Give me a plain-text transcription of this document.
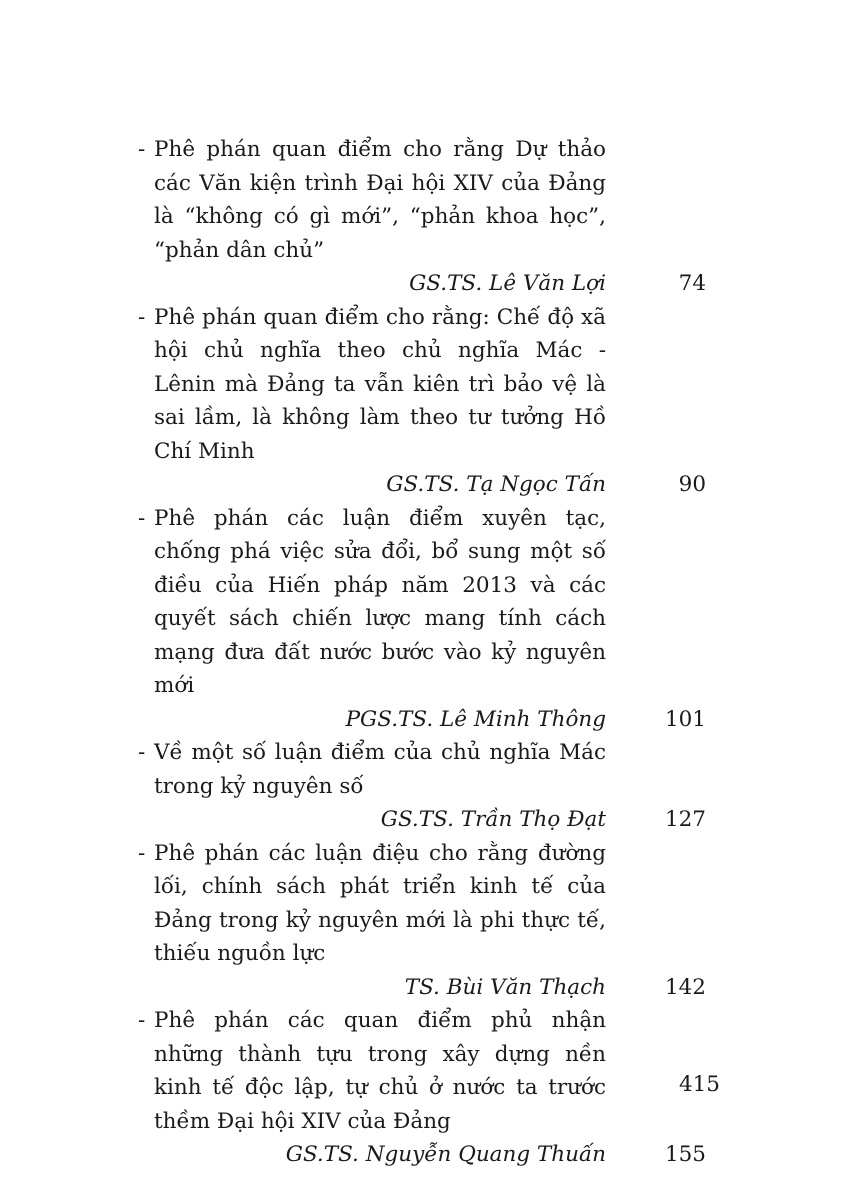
- Phê phán quan điểm cho rằng Dự thảo các Văn kiện trình Đại hội XIV của Đảng là “không có gì mới”, “phản khoa học”, “phản dân chủ”
GS.TS. Lê Văn Lợi	74
- Phê phán quan điểm cho rằng: Chế độ xã hội chủ nghĩa theo chủ nghĩa Mác - Lênin mà Đảng ta vẫn kiên trì bảo vệ là sai lầm, là không làm theo tư tưởng Hồ Chí Minh
GS.TS. Tạ Ngọc Tấn	90
- Phê phán các luận điểm xuyên tạc, chống phá việc sửa đổi, bổ sung một số điều của Hiến pháp năm 2013 và các quyết sách chiến lược mang tính cách mạng đưa đất nước bước vào kỷ nguyên mới
PGS.TS. Lê Minh Thông	101
- Về một số luận điểm của chủ nghĩa Mác trong kỷ nguyên số
GS.TS. Trần Thọ Đạt	127
- Phê phán các luận điệu cho rằng đường lối, chính sách phát triển kinh tế của Đảng trong kỷ nguyên mới là phi thực tế, thiếu nguồn lực
TS. Bùi Văn Thạch	142
- Phê phán các quan điểm phủ nhận những thành tựu trong xây dựng nền kinh tế độc lập, tự chủ ở nước ta trước thềm Đại hội XIV của Đảng
GS.TS. Nguyễn Quang Thuấn	155
415
